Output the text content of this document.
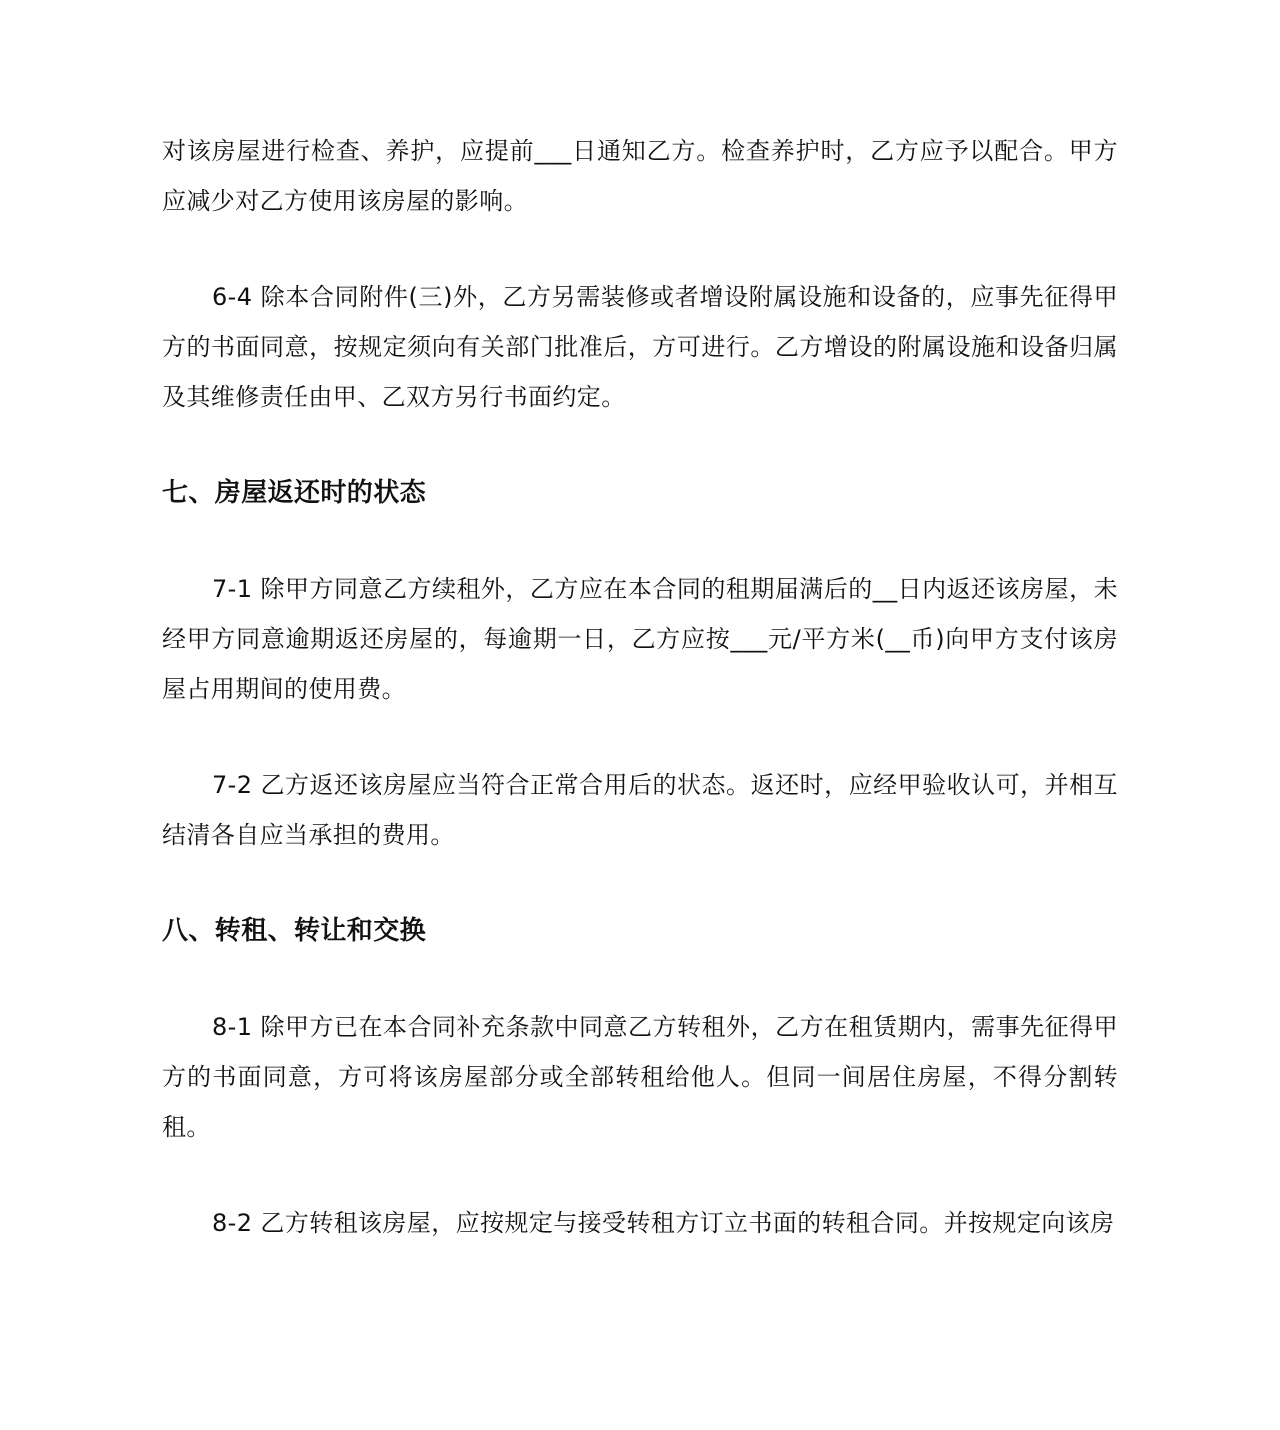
对该房屋进行检查、养护，应提前___日通知乙方。检查养护时，乙方应予以配合。甲方应减少对乙方使用该房屋的影响。

6-4 除本合同附件(三)外，乙方另需装修或者增设附属设施和设备的，应事先征得甲方的书面同意，按规定须向有关部门批准后，方可进行。乙方增设的附属设施和设备归属及其维修责任由甲、乙双方另行书面约定。

七、房屋返还时的状态

7-1 除甲方同意乙方续租外，乙方应在本合同的租期届满后的__日内返还该房屋，未经甲方同意逾期返还房屋的，每逾期一日，乙方应按___元/平方米(__币)向甲方支付该房屋占用期间的使用费。

7-2 乙方返还该房屋应当符合正常合用后的状态。返还时，应经甲验收认可，并相互结清各自应当承担的费用。

八、转租、转让和交换

8-1 除甲方已在本合同补充条款中同意乙方转租外，乙方在租赁期内，需事先征得甲方的书面同意，方可将该房屋部分或全部转租给他人。但同一间居住房屋，不得分割转租。

8-2 乙方转租该房屋，应按规定与接受转租方订立书面的转租合同。并按规定向该房
